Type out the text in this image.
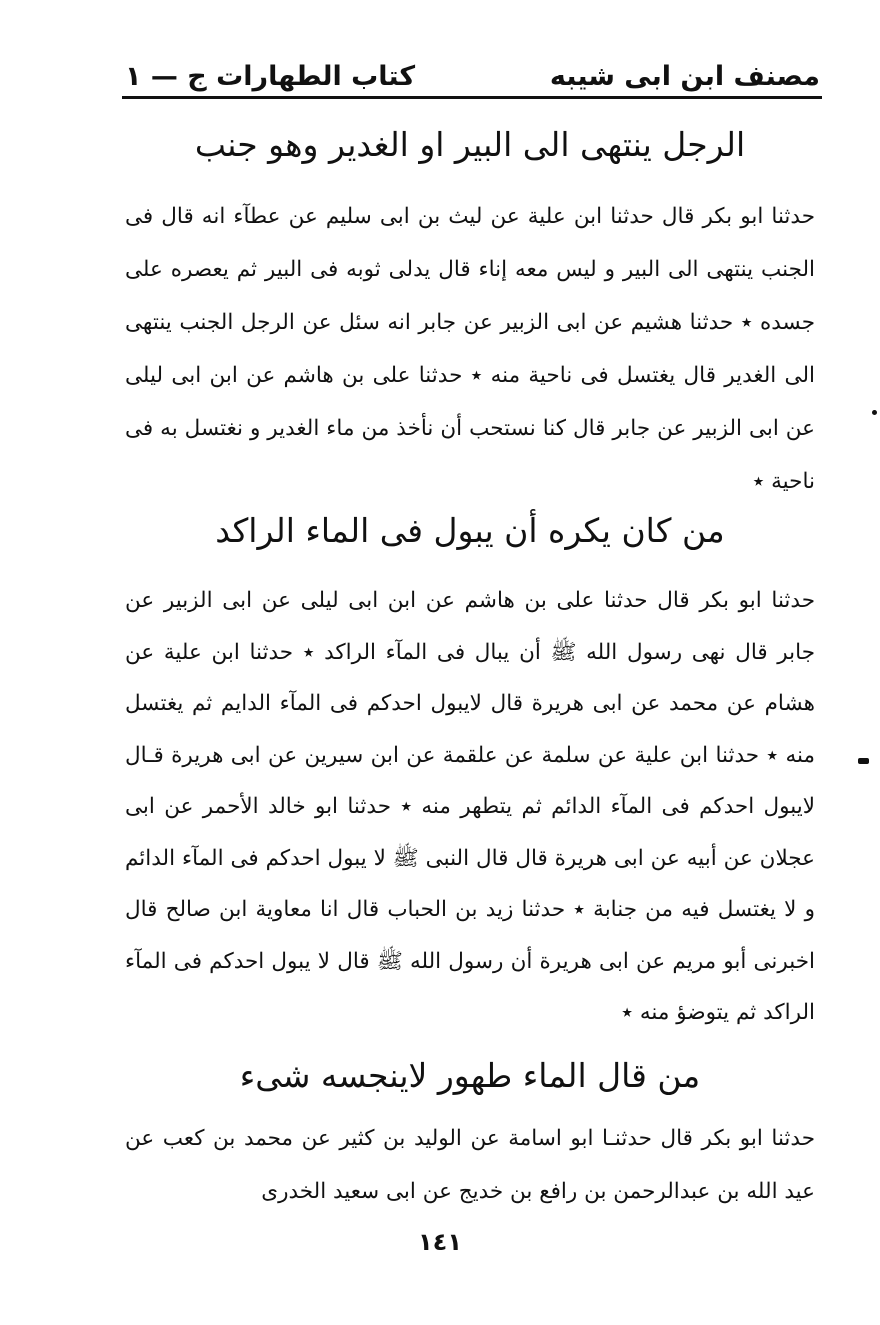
مصنف ابن ابى شيبه
كتاب الطهارات ج — ١
الرجل ينتهى الى البير او الغدير وهو جنب

حدثنا ابو بكر قال حدثنا ابن علية عن ليث بن ابى سليم عن عطآء انه قال فى الجنب ينتهى الى البير و ليس معه إناء قال يدلى ثوبه فى البير ثم يعصره على جسده ٭ حدثنا هشيم عن ابى الزبير عن جابر انه سئل عن الرجل الجنب ينتهى الى الغدير قال يغتسل فى ناحية منه ٭ حدثنا على بن هاشم عن ابن ابى ليلى عن ابى الزبير عن جابر قال كنا نستحب أن نأخذ من ماء الغدير و نغتسل به فى ناحية ٭

من كان يكره أن يبول فى الماء الراكد

حدثنا ابو بكر قال حدثنا على بن هاشم عن ابن ابى ليلى عن ابى الزبير عن جابر قال نهى رسول الله ﷺ أن يبال فى المآء الراكد ٭ حدثنا ابن علية عن هشام عن محمد عن ابى هريرة قال لايبول احدكم فى المآء الدايم ثم يغتسل منه ٭ حدثنا ابن علية عن سلمة عن علقمة عن ابن سيرين عن ابى هريرة قـال لايبول احدكم فى المآء الدائم ثم يتطهر منه ٭ حدثنا ابو خالد الأحمر عن ابى عجلان عن أبيه عن ابى هريرة قال قال النبى ﷺ لا يبول احدكم فى المآء الدائم و لا يغتسل فيه من جنابة ٭ حدثنا زيد بن الحباب قال انا معاوية ابن صالح قال اخبرنى أبو مريم عن ابى هريرة أن رسول الله ﷺ قال لا يبول احدكم فى المآء الراكد ثم يتوضؤ منه ٭

من قال الماء طهور لاينجسه شىء

حدثنا ابو بكر قال حدثنـا ابو اسامة عن الوليد بن كثير عن محمد بن كعب عن عيد الله بن عبدالرحمن بن رافع بن خديج عن ابى سعيد الخدرى

١٤١
